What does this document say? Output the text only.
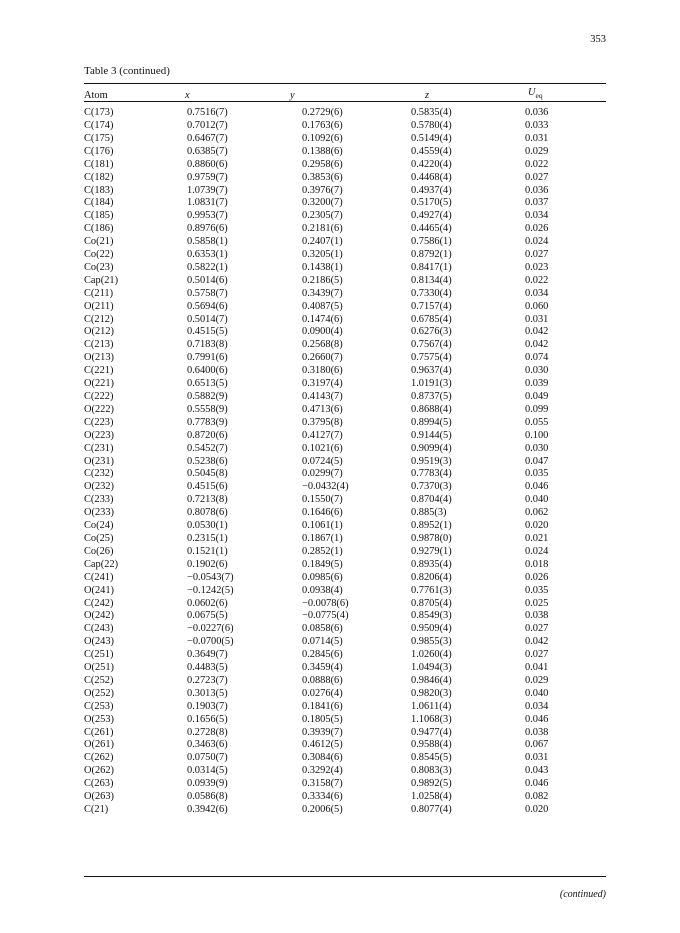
353
Table 3 (continued)
Atom	x	y	z	$U_{eq}$
C(173)	0.7516(7)	0.2729(6)	0.5835(4)	0.036
C(174)	0.7012(7)	0.1763(6)	0.5780(4)	0.033
C(175)	0.6467(7)	0.1092(6)	0.5149(4)	0.031
C(176)	0.6385(7)	0.1388(6)	0.4559(4)	0.029
C(181)	0.8860(6)	0.2958(6)	0.4220(4)	0.022
C(182)	0.9759(7)	0.3853(6)	0.4468(4)	0.027
C(183)	1.0739(7)	0.3976(7)	0.4937(4)	0.036
C(184)	1.0831(7)	0.3200(7)	0.5170(5)	0.037
C(185)	0.9953(7)	0.2305(7)	0.4927(4)	0.034
C(186)	0.8976(6)	0.2181(6)	0.4465(4)	0.026
Co(21)	0.5858(1)	0.2407(1)	0.7586(1)	0.024
Co(22)	0.6353(1)	0.3205(1)	0.8792(1)	0.027
Co(23)	0.5822(1)	0.1438(1)	0.8417(1)	0.023
Cap(21)	0.5014(6)	0.2186(5)	0.8134(4)	0.022
C(211)	0.5758(7)	0.3439(7)	0.7330(4)	0.034
O(211)	0.5694(6)	0.4087(5)	0.7157(4)	0.060
C(212)	0.5014(7)	0.1474(6)	0.6785(4)	0.031
O(212)	0.4515(5)	0.0900(4)	0.6276(3)	0.042
C(213)	0.7183(8)	0.2568(8)	0.7567(4)	0.042
O(213)	0.7991(6)	0.2660(7)	0.7575(4)	0.074
C(221)	0.6400(6)	0.3180(6)	0.9637(4)	0.030
O(221)	0.6513(5)	0.3197(4)	1.0191(3)	0.039
C(222)	0.5882(9)	0.4143(7)	0.8737(5)	0.049
O(222)	0.5558(9)	0.4713(6)	0.8688(4)	0.099
C(223)	0.7783(9)	0.3795(8)	0.8994(5)	0.055
O(223)	0.8720(6)	0.4127(7)	0.9144(5)	0.100
C(231)	0.5452(7)	0.1021(6)	0.9099(4)	0.030
O(231)	0.5238(6)	0.0724(5)	0.9519(3)	0.047
C(232)	0.5045(8)	0.0299(7)	0.7783(4)	0.035
O(232)	0.4515(6)	−0.0432(4)	0.7370(3)	0.046
C(233)	0.7213(8)	0.1550(7)	0.8704(4)	0.040
O(233)	0.8078(6)	0.1646(6)	0.885(3)	0.062
Co(24)	0.0530(1)	0.1061(1)	0.8952(1)	0.020
Co(25)	0.2315(1)	0.1867(1)	0.9878(0)	0.021
Co(26)	0.1521(1)	0.2852(1)	0.9279(1)	0.024
Cap(22)	0.1902(6)	0.1849(5)	0.8935(4)	0.018
C(241)	−0.0543(7)	0.0985(6)	0.8206(4)	0.026
O(241)	−0.1242(5)	0.0938(4)	0.7761(3)	0.035
C(242)	0.0602(6)	−0.0078(6)	0.8705(4)	0.025
O(242)	0.0675(5)	−0.0775(4)	0.8549(3)	0.038
C(243)	−0.0227(6)	0.0858(6)	0.9509(4)	0.027
O(243)	−0.0700(5)	0.0714(5)	0.9855(3)	0.042
C(251)	0.3649(7)	0.2845(6)	1.0260(4)	0.027
O(251)	0.4483(5)	0.3459(4)	1.0494(3)	0.041
C(252)	0.2723(7)	0.0888(6)	0.9846(4)	0.029
O(252)	0.3013(5)	0.0276(4)	0.9820(3)	0.040
C(253)	0.1903(7)	0.1841(6)	1.0611(4)	0.034
O(253)	0.1656(5)	0.1805(5)	1.1068(3)	0.046
C(261)	0.2728(8)	0.3939(7)	0.9477(4)	0.038
O(261)	0.3463(6)	0.4612(5)	0.9588(4)	0.067
C(262)	0.0750(7)	0.3084(6)	0.8545(5)	0.031
O(262)	0.0314(5)	0.3292(4)	0.8083(3)	0.043
C(263)	0.0939(9)	0.3158(7)	0.9892(5)	0.046
O(263)	0.0586(8)	0.3334(6)	1.0258(4)	0.082
C(21)	0.3942(6)	0.2006(5)	0.8077(4)	0.020
(continued)
